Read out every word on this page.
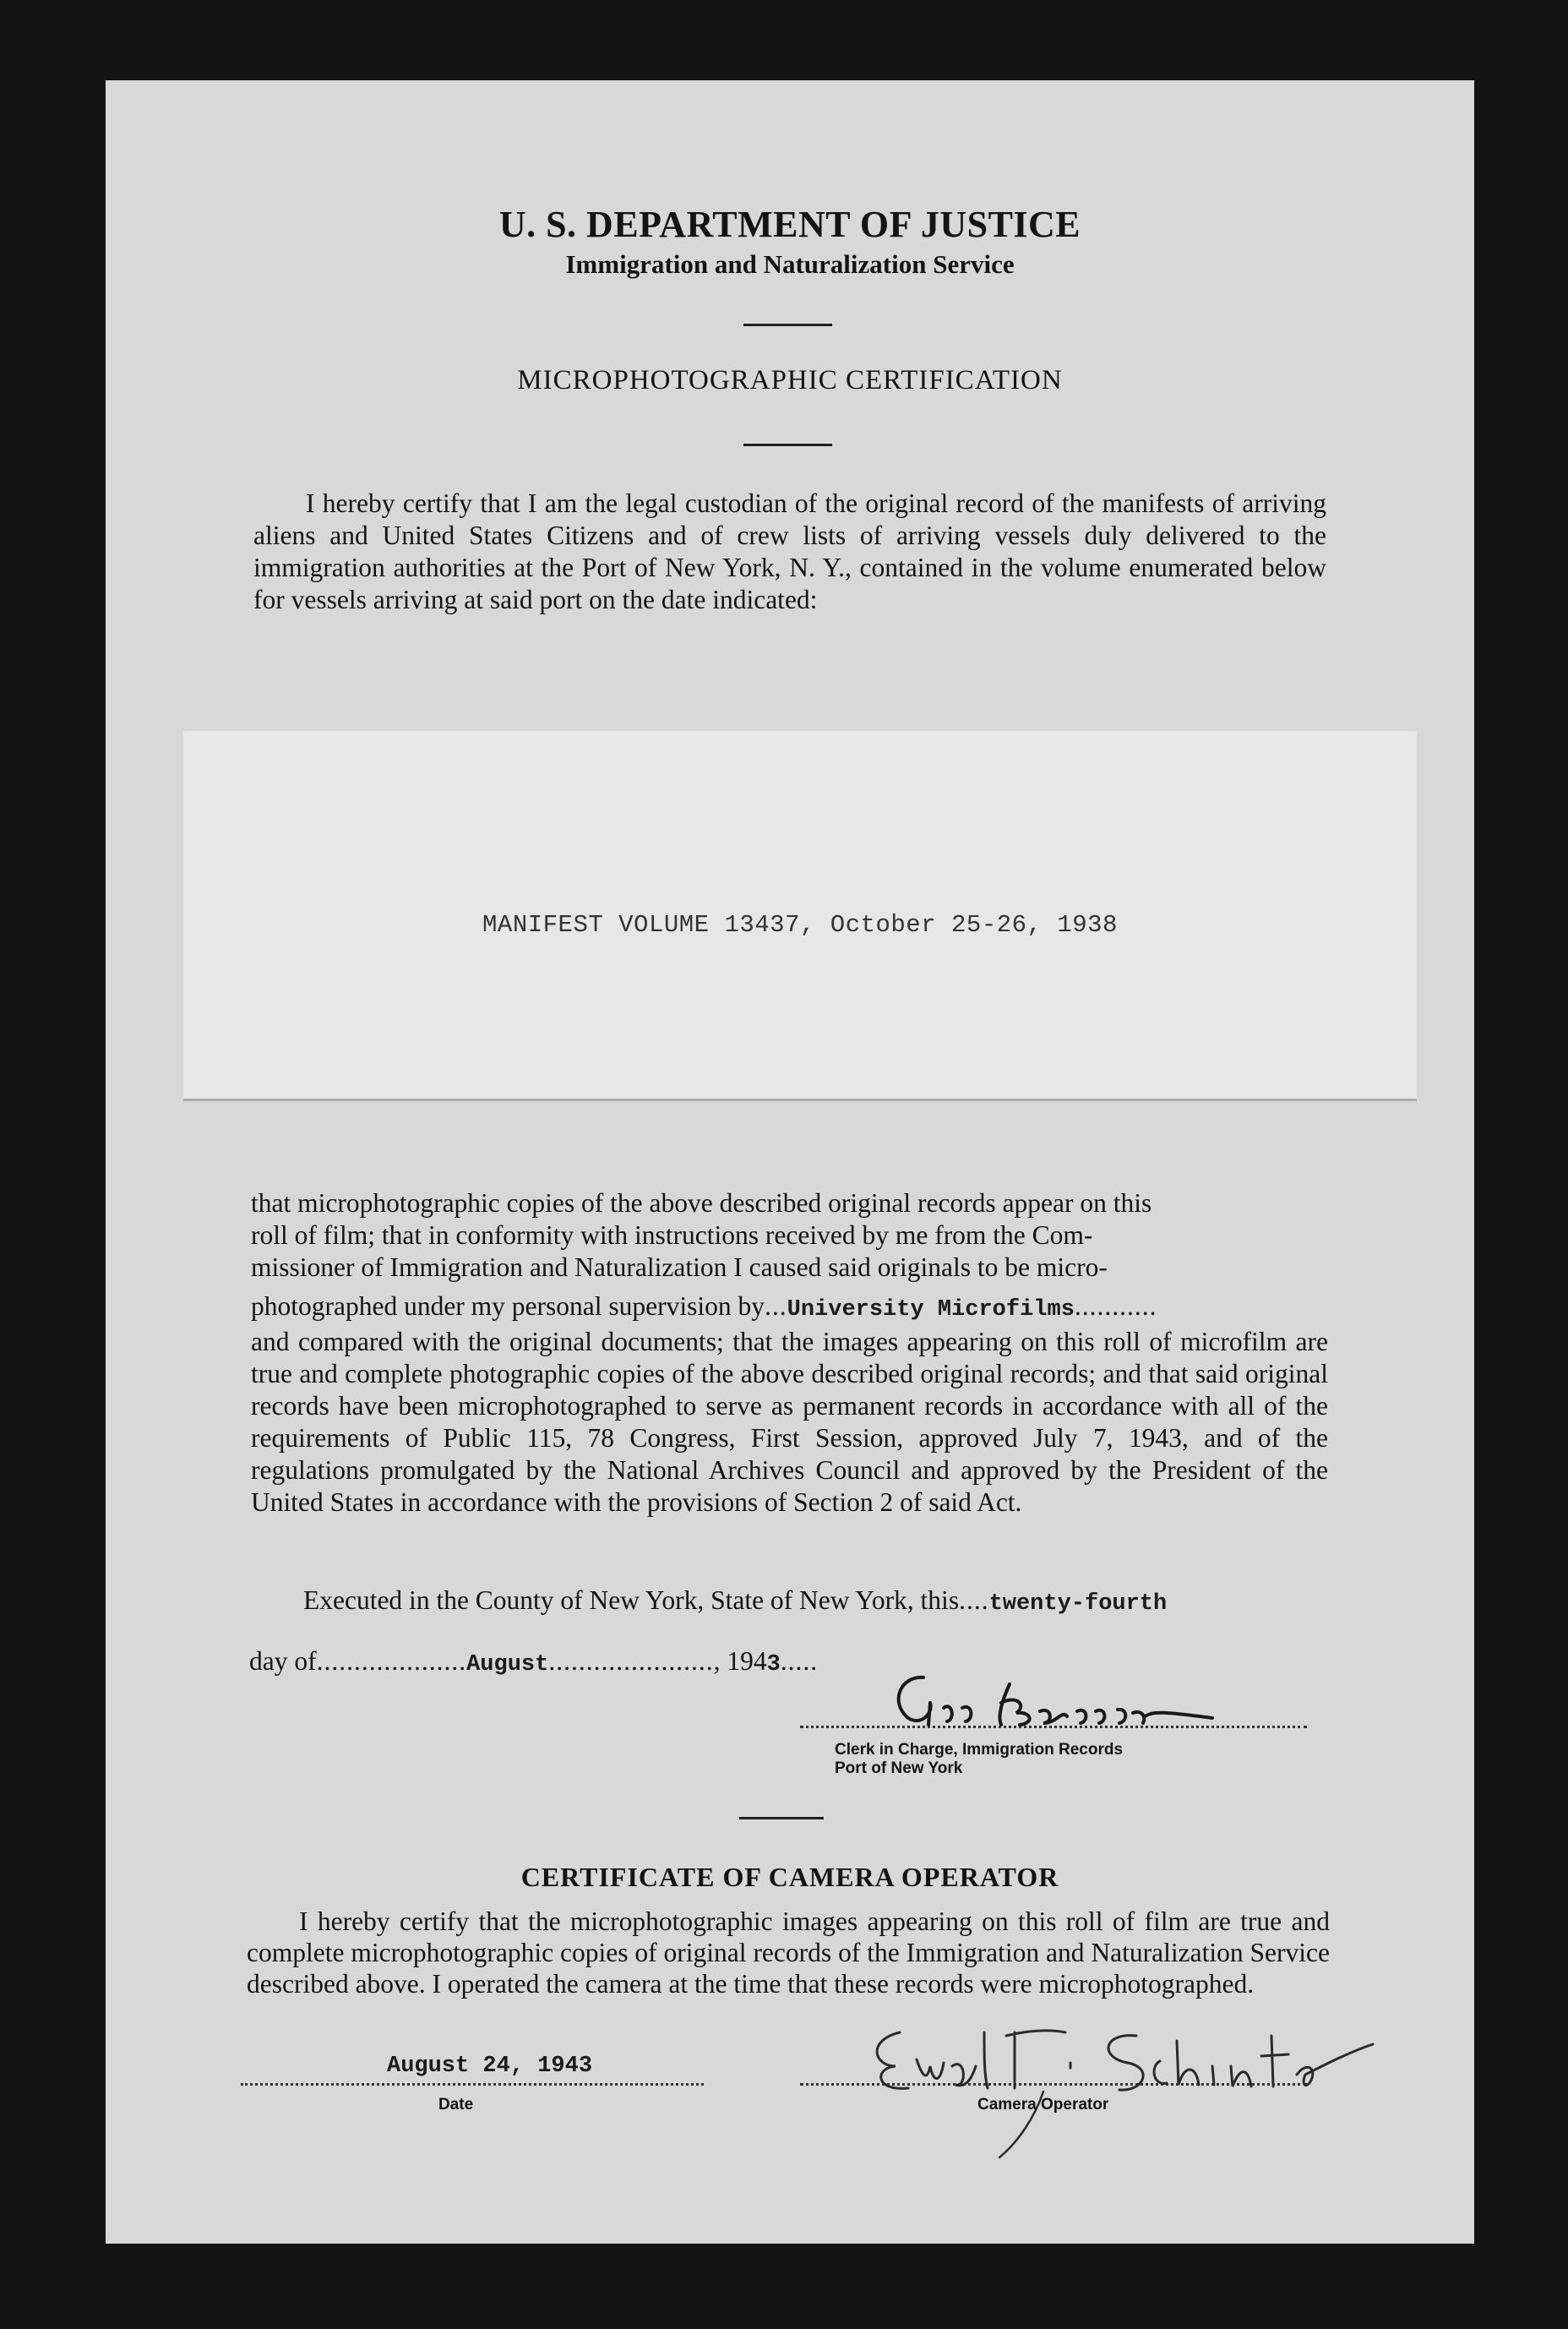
U. S. DEPARTMENT OF JUSTICE
Immigration and Naturalization Service
MICROPHOTOGRAPHIC CERTIFICATION
I hereby certify that I am the legal custodian of the original record of the manifests of arriving aliens and United States Citizens and of crew lists of arriving vessels duly delivered to the immigration authorities at the Port of New York, N. Y., contained in the volume enumerated below for vessels arriving at said port on the date indicated:
MANIFEST VOLUME 13437, October 25-26, 1938

that microphotographic copies of the above described original records appear on this

roll of film; that in conformity with instructions received by me from the Com-

missioner of Immigration and Naturalization I caused said originals to be micro-

photographed under my personal supervision by...University Microfilms...........

and compared with the original documents; that the images appearing on this roll of microfilm are true and complete photographic copies of the above described original records; and that said original records have been microphotographed to serve as permanent records in accordance with all of the requirements of Public 115, 78 Congress, First Session, approved July 7, 1943, and of the regulations promulgated by the National Archives Council and approved by the President of the United States in accordance with the provisions of Section 2 of said Act.

Executed in the County of New York, State of New York, this....twenty-fourth
day of....................August......................, 1943.....
Clerk in Charge, Immigration Records
Port of New York
CERTIFICATE OF CAMERA OPERATOR
I hereby certify that the microphotographic images appearing on this roll of film are true and complete microphotographic copies of original records of the Immigration and Naturalization Service described above. I operated the camera at the time that these records were microphotographed.
August 24, 1943
Date	Camera Operator
